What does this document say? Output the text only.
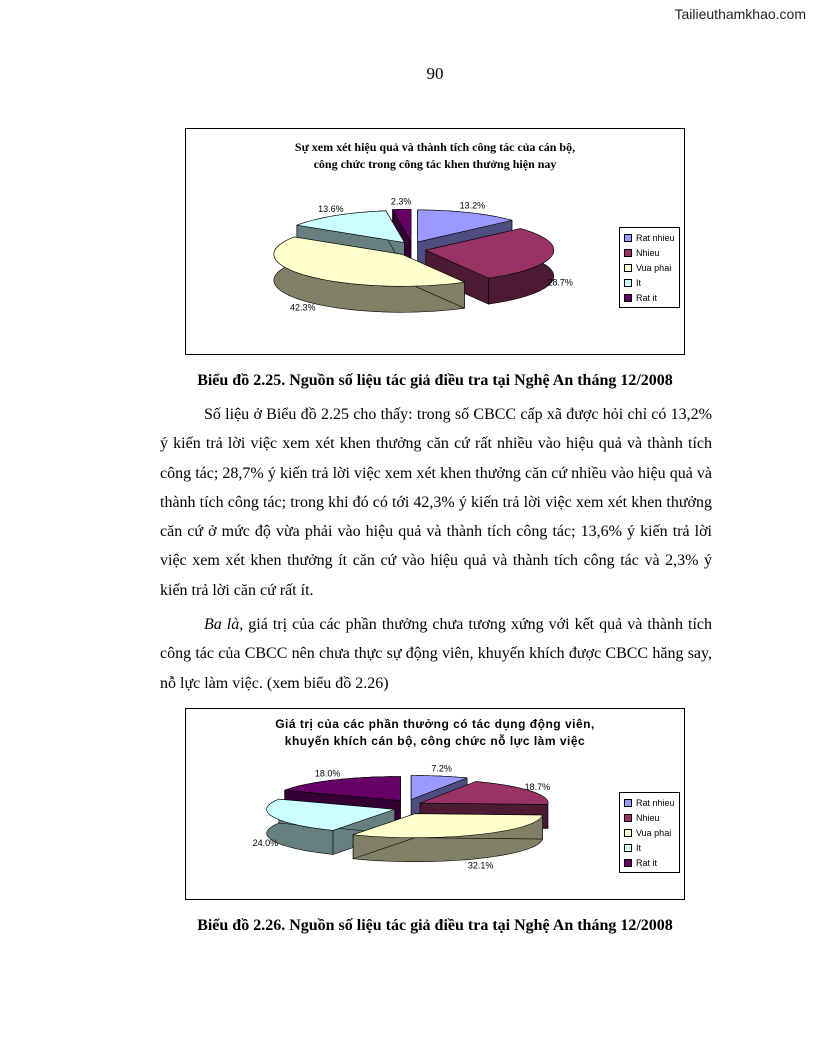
Tailieuthamkhao.com
90
Sự xem xét hiệu quả và thành tích công tác của cán bộ,
công chức trong công tác khen thưởng hiện nay
13.2%
28.7%
42.3%
13.6%
2.3%
Rat nhieu
Nhieu
Vua phai
It
Rat it
Biểu đồ 2.25. Nguồn số liệu tác giả điều tra tại Nghệ An tháng 12/2008

Số liệu ở Biểu đồ 2.25 cho thấy: trong số CBCC cấp xã được hỏi chỉ có 13,2% ý kiến trả lời việc xem xét khen thưởng căn cứ rất nhiều vào hiệu quả và thành tích công tác; 28,7% ý kiến trả lời việc xem xét khen thưởng căn cứ nhiều vào hiệu quả và thành tích công tác; trong khi đó có tới 42,3% ý kiến trả lời việc xem xét khen thưởng căn cứ ở mức độ vừa phải vào hiệu quả và thành tích công tác; 13,6% ý kiến trả lời việc xem xét khen thưởng ít căn cứ vào hiệu quả và thành tích công tác và 2,3% ý kiến trả lời căn cứ rất ít.

Ba là, giá trị của các phần thưởng chưa tương xứng với kết quả và thành tích công tác của CBCC nên chưa thực sự động viên, khuyến khích được CBCC hăng say, nỗ lực làm việc. (xem biểu đồ 2.26)

Giá trị của các phần thưởng có tác dụng động viên,
khuyến khích cán bộ, công chức nỗ lực làm việc
7.2%
18.7%
32.1%
24.0%
18.0%
Rat nhieu
Nhieu
Vua phai
It
Rat it
Biểu đồ 2.26. Nguồn số liệu tác giả điều tra tại Nghệ An tháng 12/2008
